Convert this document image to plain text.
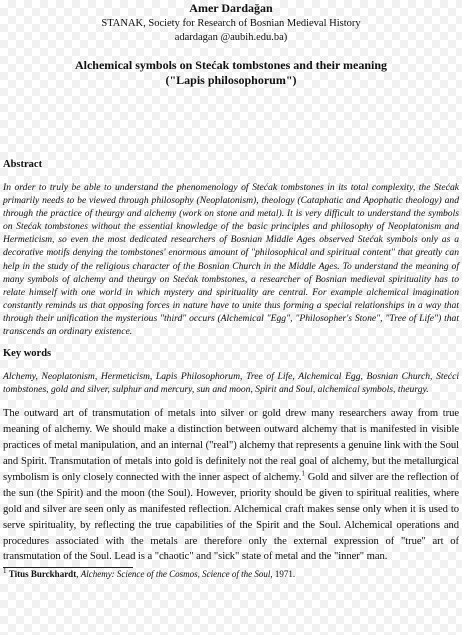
Amer Dardağan

STANAK, Society for Research of Bosnian Medieval History

adardagan @aubih.edu.ba)

Alchemical symbols on Stećak tombstones and their meaning

("Lapis philosophorum")

Abstract

In order to truly be able to understand the phenomenology of Stećak tombstones in its total complexity, the Stećak primarily needs to be viewed through philosophy (Neoplatonism), theology (Cataphatic and Apophatic theology) and through the practice of theurgy and alchemy (work on stone and metal). It is very difficult to understand the symbols on Stećak tombstones without the essential knowledge of the basic principles and philosophy of Neoplatonism and Hermeticism, so even the most dedicated researchers of Bosnian Middle Ages observed Stećak symbols only as a decorative motifs denying the tombstones' enormous amount of "philosophical and spiritual content" that greatly can help in the study of the religious character of the Bosnian Church in the Middle Ages. To understand the meaning of many symbols of alchemy and theurgy on Stećak tombstones, a researcher of Bosnian medieval spirituality has to relate himself with one world in which mystery and spirituality are central. For example alchemical imagination constantly reminds us that opposing forces in nature have to unite thus forming a special relationships in a way that through their unification the mysterious "third" occurs (Alchemical "Egg", "Philosopher's Stone", "Tree of Life") that transcends an ordinary existence.

Key words

Alchemy, Neoplatonism, Hermeticism, Lapis Philosophorum, Tree of Life, Alchemical Egg, Bosnian Church, Stećci tombstones, gold and silver, sulphur and mercury, sun and moon, Spirit and Soul, alchemical symbols, theurgy.

The outward art of transmutation of metals into silver or gold drew many researchers away from true meaning of alchemy. We should make a distinction between outward alchemy that is manifested in visible practices of metal manipulation, and an internal ("real") alchemy that represents a genuine link with the Soul and Spirit. Transmutation of metals into gold is definitely not the real goal of alchemy, but the metallurgical symbolism is only closely connected with the inner aspect of alchemy.$^1$ Gold and silver are the reflection of the sun (the Spirit) and the moon (the Soul). However, priority should be given to spiritual realities, where gold and silver are seen only as manifested reflection. Alchemical craft makes sense only when it is used to serve spirituality, by reflecting the true capabilities of the Spirit and the Soul. Alchemical operations and procedures associated with the metals are therefore only the external expression of "true" art of transmutation of the Soul. Lead is a "chaotic" and "sick" state of metal and the "inner" man.

$^1$ Titus Burckhardt, Alchemy: Science of the Cosmos, Science of the Soul, 1971.
